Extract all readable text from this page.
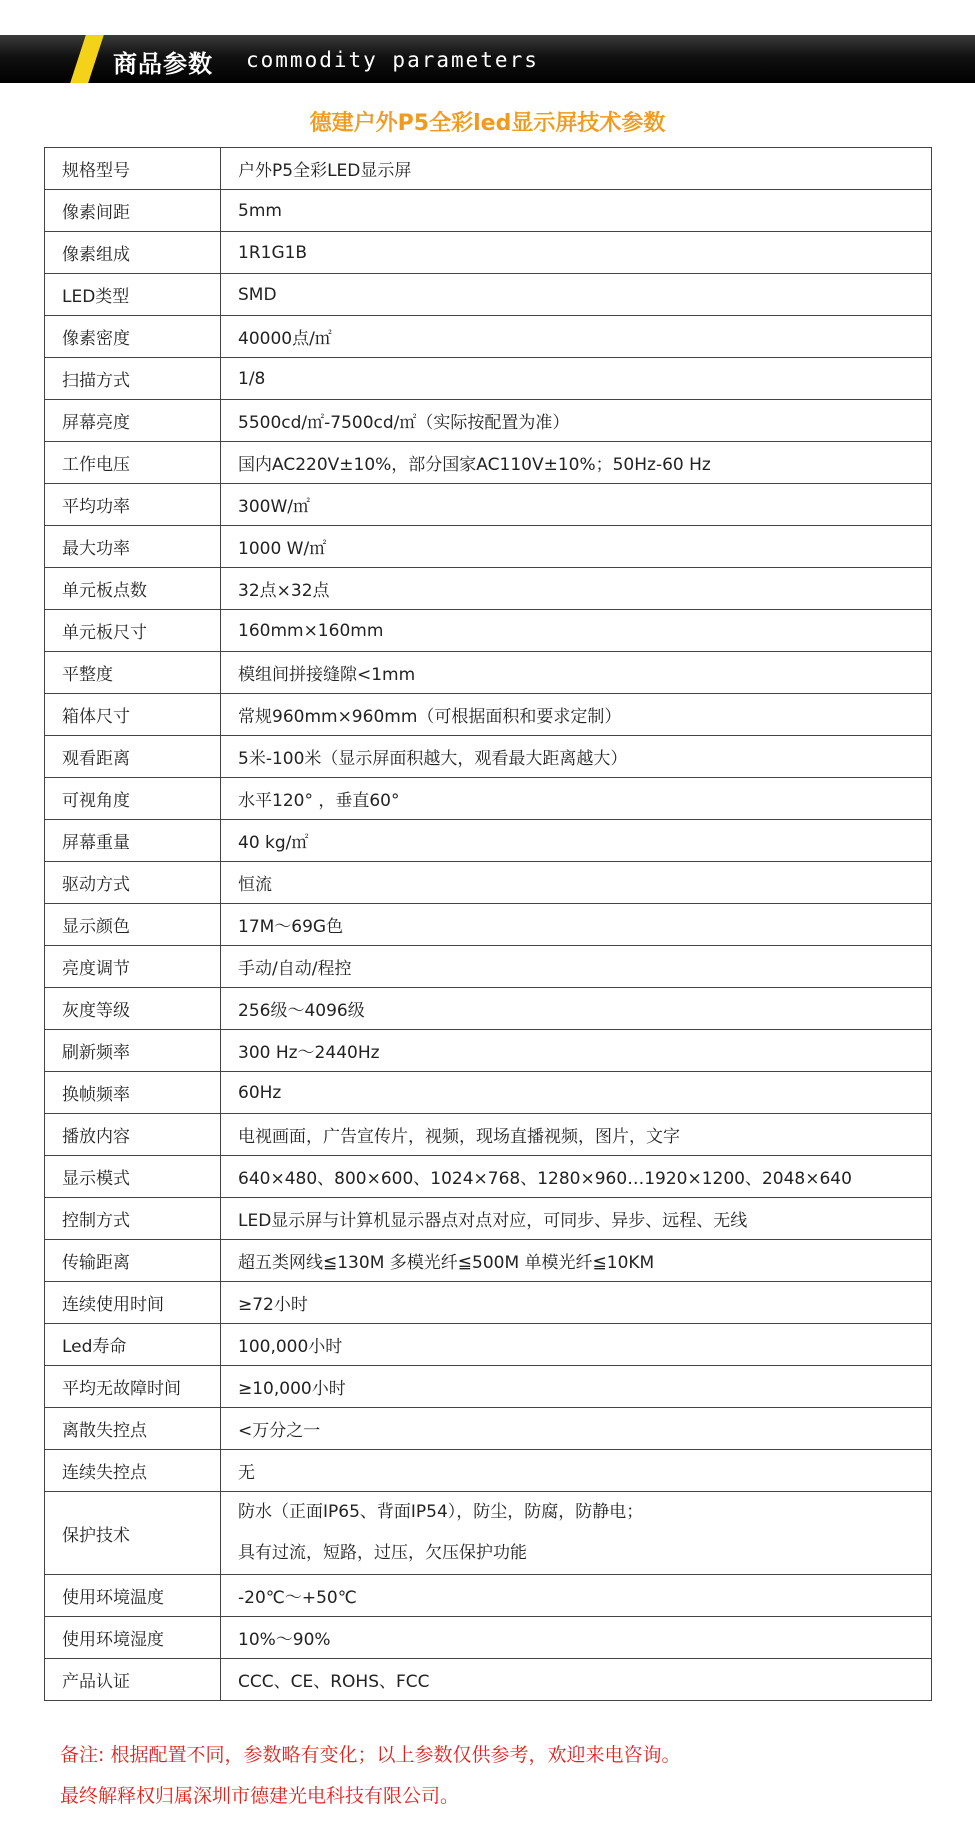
商品参数 commodity parameters
德建户外P5全彩led显示屏技术参数
规格型号	户外P5全彩LED显示屏
像素间距	5mm
像素组成	1R1G1B
LED类型	SMD
像素密度	40000点/㎡
扫描方式	1/8
屏幕亮度	5500cd/㎡-7500cd/㎡（实际按配置为准）
工作电压	国内AC220V±10%，部分国家AC110V±10%；50Hz-60 Hz
平均功率	300W/㎡
最大功率	1000 W/㎡
单元板点数	32点×32点
单元板尺寸	160mm×160mm
平整度	模组间拼接缝隙<1mm
箱体尺寸	常规960mm×960mm（可根据面积和要求定制）
观看距离	5米-100米（显示屏面积越大，观看最大距离越大）
可视角度	水平120° ，垂直60°
屏幕重量	40 kg/㎡
驱动方式	恒流
显示颜色	17M～69G色
亮度调节	手动/自动/程控
灰度等级	256级～4096级
刷新频率	300 Hz～2440Hz
换帧频率	60Hz
播放内容	电视画面，广告宣传片，视频，现场直播视频，图片，文字
显示模式	640×480、800×600、1024×768、1280×960…1920×1200、2048×640
控制方式	LED显示屏与计算机显示器点对点对应，可同步、异步、远程、无线
传输距离	超五类网线≦130M 多模光纤≦500M 单模光纤≦10KM
连续使用时间	≥72小时
Led寿命	100,000小时
平均无故障时间	≥10,000小时
离散失控点	<万分之一
连续失控点	无
保护技术	防水（正面IP65、背面IP54），防尘，防腐，防静电；
具有过流，短路，过压，欠压保护功能

使用环境温度	-20℃～+50℃
使用环境湿度	10%～90%
产品认证	CCC、CE、ROHS、FCC
备注: 根据配置不同，参数略有变化；以上参数仅供参考，欢迎来电咨询。
最终解释权归属深圳市德建光电科技有限公司。
